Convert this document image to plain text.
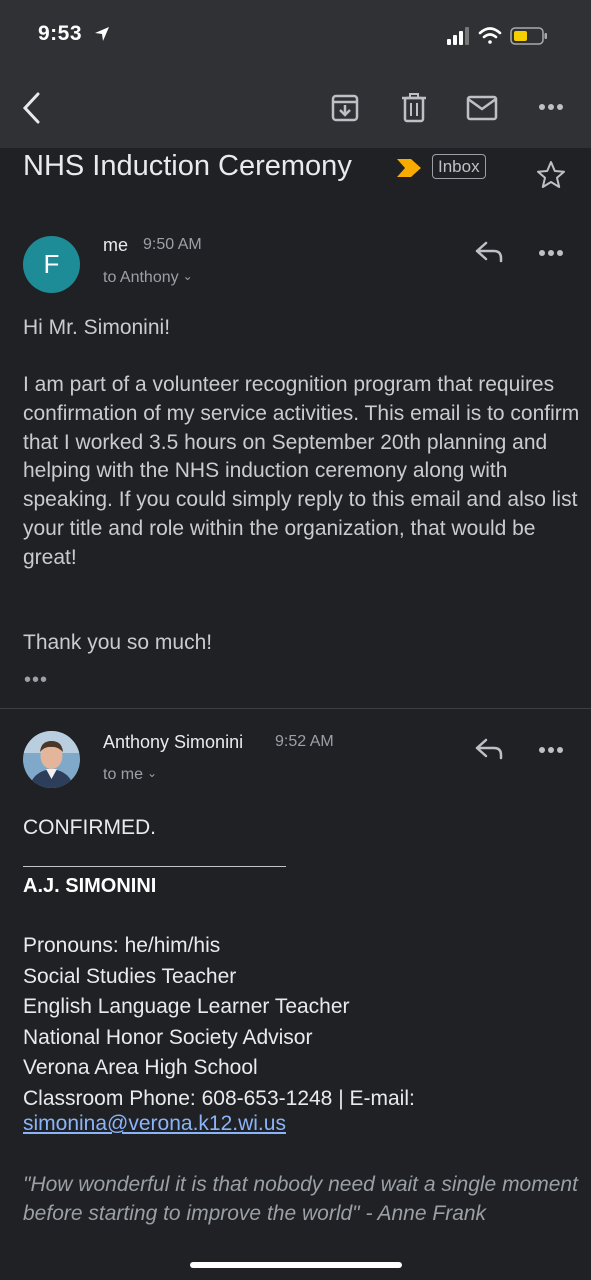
9:53
NHS Induction Ceremony	Inbox
F
me 9:50 AM
to Anthony ⌄
Hi Mr. Simonini!
I am part of a volunteer recognition program that requires confirmation of my service activities. This email is to confirm that I worked 3.5 hours on September 20th planning and helping with the NHS induction ceremony along with speaking. If you could simply reply to this email and also list your title and role within the organization, that would be great!
Thank you so much!
•••
Anthony Simonini 9:52 AM
to me ⌄
CONFIRMED.
A.J. SIMONINI
Pronouns: he/him/his
Social Studies Teacher
English Language Learner Teacher
National Honor Society Advisor
Verona Area High School
Classroom Phone: 608-653-1248 | E-mail:
simonina@verona.k12.wi.us
"How wonderful it is that nobody need wait a single moment before starting to improve the world" - Anne Frank
